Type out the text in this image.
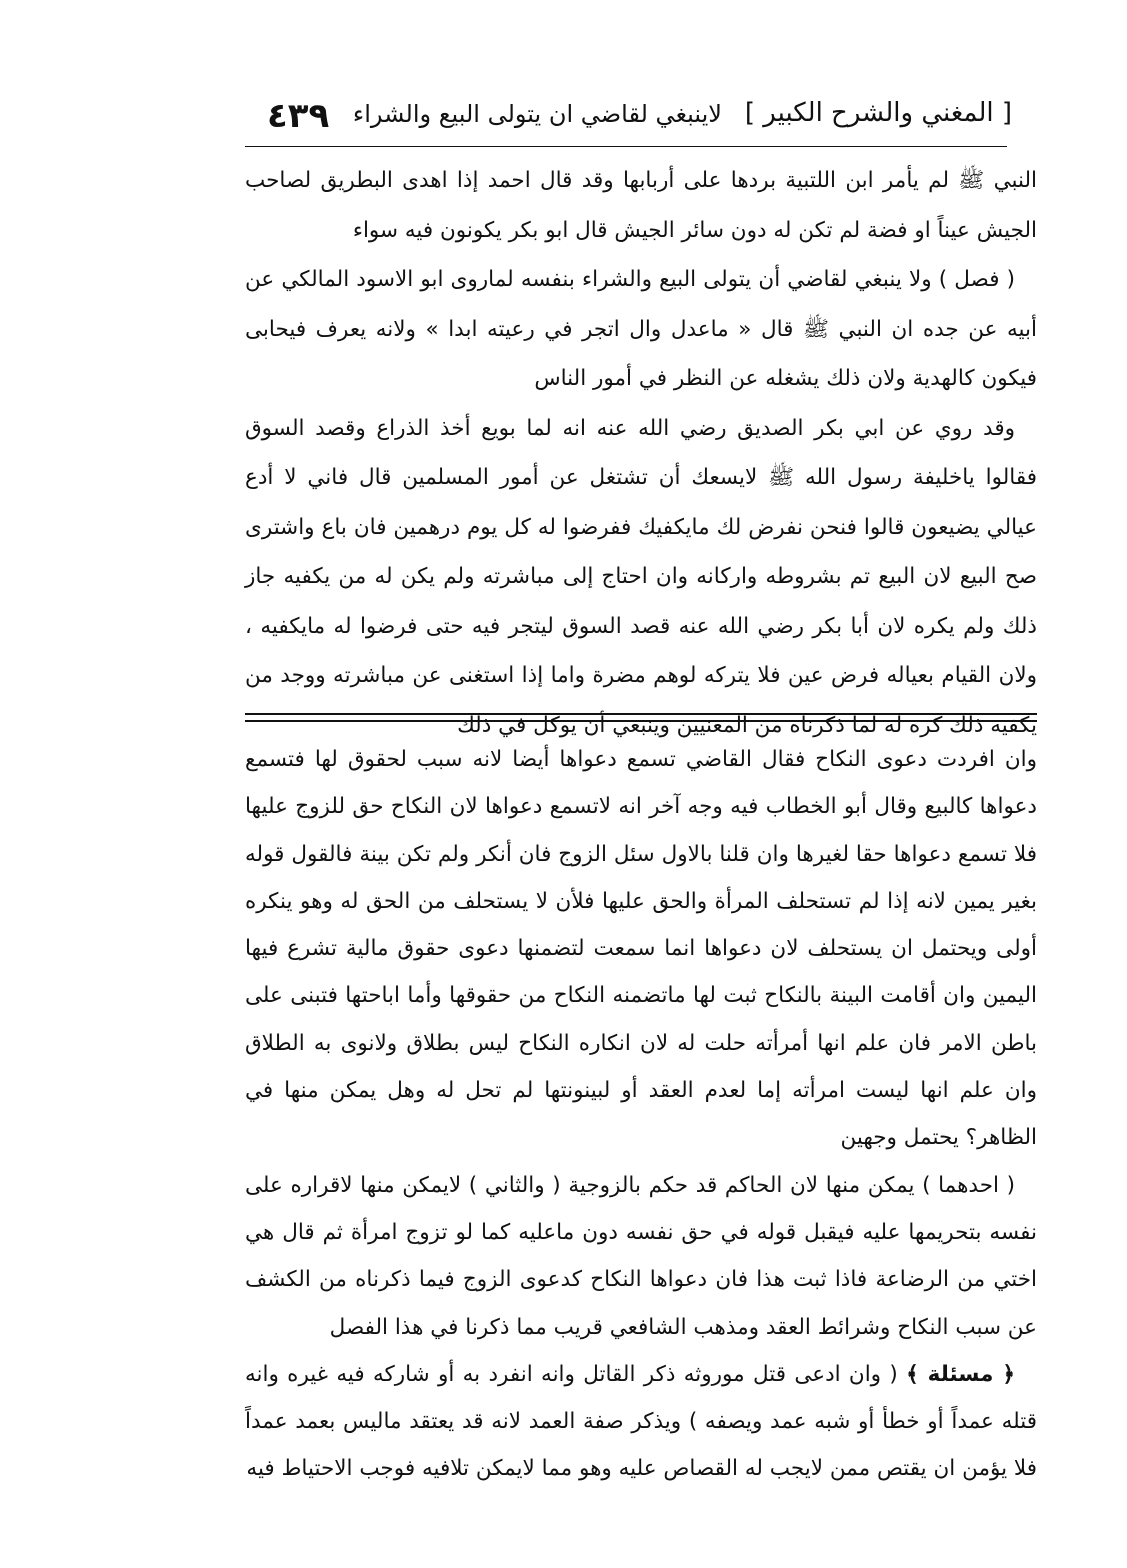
[ المغني والشرح الكبير ]
لاينبغي لقاضي ان يتولى البيع والشراء
٤٣٩

النبي ﷺ لم يأمر ابن اللتبية بردها على أربابها وقد قال احمد إذا اهدى البطريق لصاحب الجيش عيناً او فضة لم تكن له دون سائر الجيش قال ابو بكر يكونون فيه سواء

( فصل ) ولا ينبغي لقاضي أن يتولى البيع والشراء بنفسه لماروى ابو الاسود المالكي عن أبيه عن جده ان النبي ﷺ قال « ماعدل وال اتجر في رعيته ابدا » ولانه يعرف فيحابى فيكون كالهدية ولان ذلك يشغله عن النظر في أمور الناس

وقد روي عن ابي بكر الصديق رضي الله عنه انه لما بويع أخذ الذراع وقصد السوق فقالوا ياخليفة رسول الله ﷺ لايسعك أن تشتغل عن أمور المسلمين قال فاني لا أدع عيالي يضيعون قالوا فنحن نفرض لك مايكفيك ففرضوا له كل يوم درهمين فان باع واشترى صح البيع لان البيع تم بشروطه واركانه وان احتاج إلى مباشرته ولم يكن له من يكفيه جاز ذلك ولم يكره لان أبا بكر رضي الله عنه قصد السوق ليتجر فيه حتى فرضوا له مايكفيه ، ولان القيام بعياله فرض عين فلا يتركه لوهم مضرة واما إذا استغنى عن مباشرته ووجد من يكفيه ذلك كره له لما ذكرناه من المعنيين وينبغي أن يوكل في ذلك

وان افردت دعوى النكاح فقال القاضي تسمع دعواها أيضا لانه سبب لحقوق لها فتسمع دعواها كالبيع وقال أبو الخطاب فيه وجه آخر انه لاتسمع دعواها لان النكاح حق للزوج عليها فلا تسمع دعواها حقا لغيرها وان قلنا بالاول سئل الزوج فان أنكر ولم تكن بينة فالقول قوله بغير يمين لانه إذا لم تستحلف المرأة والحق عليها فلأن لا يستحلف من الحق له وهو ينكره أولى ويحتمل ان يستحلف لان دعواها انما سمعت لتضمنها دعوى حقوق مالية تشرع فيها اليمين وان أقامت البينة بالنكاح ثبت لها ماتضمنه النكاح من حقوقها وأما اباحتها فتبنى على باطن الامر فان علم انها أمرأته حلت له لان انكاره النكاح ليس بطلاق ولانوى به الطلاق وان علم انها ليست امرأته إما لعدم العقد أو لبينونتها لم تحل له وهل يمكن منها في الظاهر؟ يحتمل وجهين

( احدهما ) يمكن منها لان الحاكم قد حكم بالزوجية ( والثاني ) لايمكن منها لاقراره على نفسه بتحريمها عليه فيقبل قوله في حق نفسه دون ماعليه كما لو تزوج امرأة ثم قال هي اختي من الرضاعة فاذا ثبت هذا فان دعواها النكاح كدعوى الزوج فيما ذكرناه من الكشف عن سبب النكاح وشرائط العقد ومذهب الشافعي قريب مما ذكرنا في هذا الفصل

﴿ مسئلة ﴾ ( وان ادعى قتل موروثه ذكر القاتل وانه انفرد به أو شاركه فيه غيره وانه قتله عمداً أو خطأ أو شبه عمد ويصفه ) ويذكر صفة العمد لانه قد يعتقد ماليس بعمد عمداً فلا يؤمن ان يقتص ممن لايجب له القصاص عليه وهو مما لايمكن تلافيه فوجب الاحتياط فيه
